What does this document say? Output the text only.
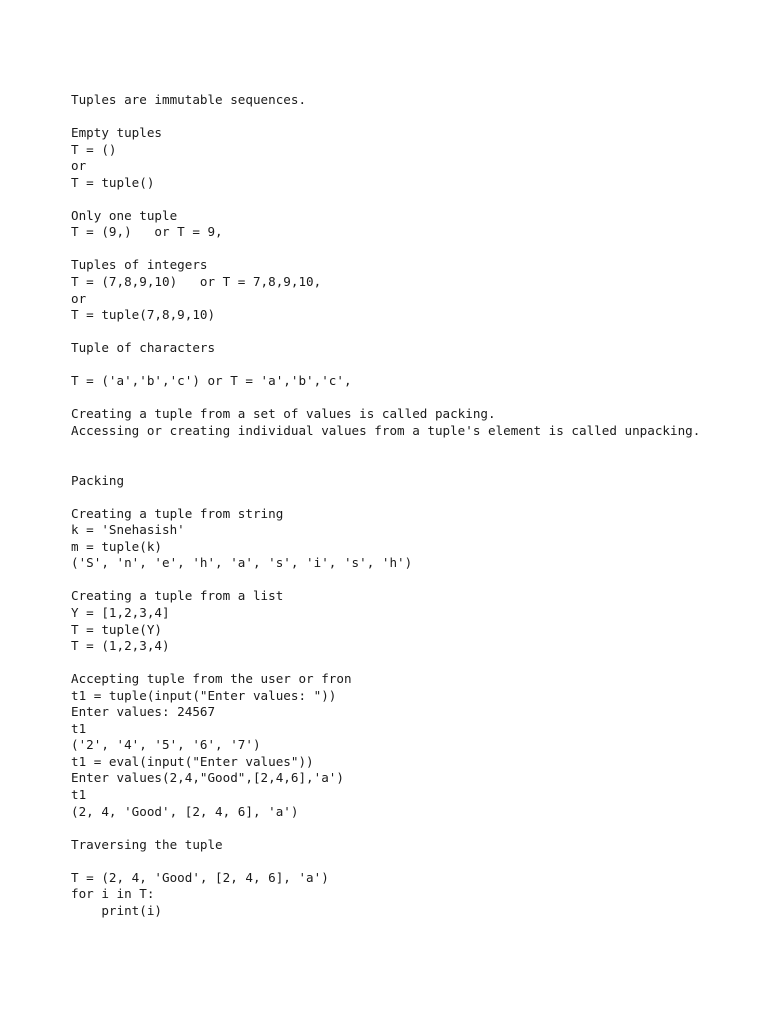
Tuples are immutable sequences.
Empty tuples
T = ()
or
T = tuple()
Only one tuple
T = (9,)   or T = 9,
Tuples of integers
T = (7,8,9,10)   or T = 7,8,9,10,
or
T = tuple(7,8,9,10)
Tuple of characters
T = ('a','b','c') or T = 'a','b','c',
Creating a tuple from a set of values is called packing.
Accessing or creating individual values from a tuple's element is called unpacking.
Packing
Creating a tuple from string
k = 'Snehasish'
m = tuple(k)
('S', 'n', 'e', 'h', 'a', 's', 'i', 's', 'h')
Creating a tuple from a list
Y = [1,2,3,4]
T = tuple(Y)
T = (1,2,3,4)
Accepting tuple from the user or fron
t1 = tuple(input("Enter values: "))
Enter values: 24567
t1
('2', '4', '5', '6', '7')
t1 = eval(input("Enter values"))
Enter values(2,4,"Good",[2,4,6],'a')
t1
(2, 4, 'Good', [2, 4, 6], 'a')
Traversing the tuple
T = (2, 4, 'Good', [2, 4, 6], 'a')
for i in T:
print(i)
